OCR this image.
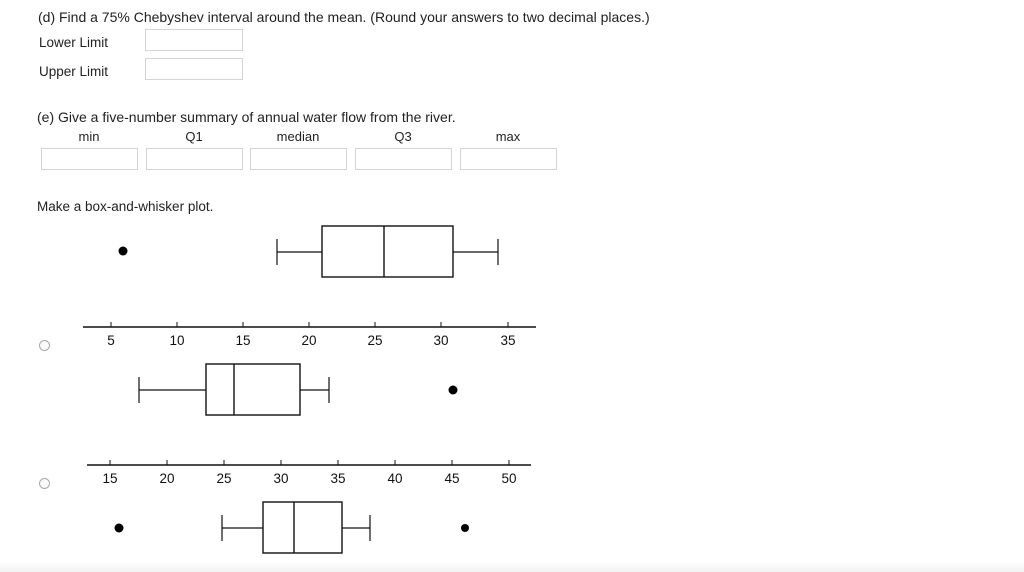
(d) Find a 75% Chebyshev interval around the mean. (Round your answers to two decimal places.)
Lower Limit
Upper Limit
(e) Give a five-number summary of annual water flow from the river.
min	Q1	median	Q3	max
Make a box-and-whisker plot.
5	10	15	20	25	30	35
15	20	25	30	35	40	45	50
